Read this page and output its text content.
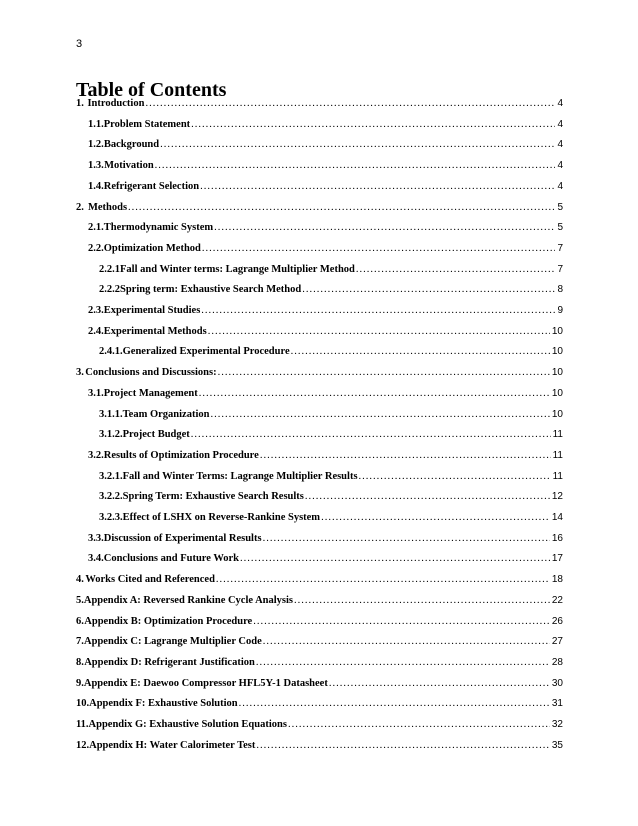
3
Table of Contents
1. Introduction .....	4
1.1. Problem Statement .....	4
1.2. Background .....	4
1.3. Motivation .....	4
1.4. Refrigerant Selection .....	4
2. Methods .....	5
2.1. Thermodynamic System .....	5
2.2. Optimization Method .....	7
2.2.1 Fall and Winter terms: Lagrange Multiplier Method .....	7
2.2.2 Spring term: Exhaustive Search Method .....	8
2.3. Experimental Studies .....	9
2.4. Experimental Methods .....	10
2.4.1. Generalized Experimental Procedure .....	10
3. Conclusions and Discussions: .....	10
3.1. Project Management .....	10
3.1.1. Team Organization .....	10
3.1.2. Project Budget .....	11
3.2. Results of Optimization Procedure .....	11
3.2.1. Fall and Winter Terms: Lagrange Multiplier Results .....	11
3.2.2. Spring Term: Exhaustive Search Results .....	12
3.2.3. Effect of LSHX on Reverse-Rankine System .....	14
3.3. Discussion of Experimental Results .....	16
3.4. Conclusions and Future Work .....	17
4. Works Cited and Referenced .....	18
5. Appendix A: Reversed Rankine Cycle Analysis .....	22
6. Appendix B: Optimization Procedure .....	26
7. Appendix C: Lagrange Multiplier Code .....	27
8. Appendix D: Refrigerant Justification .....	28
9. Appendix E: Daewoo Compressor HFL5Y-1 Datasheet .....	30
10. Appendix F: Exhaustive Solution .....	31
11. Appendix G: Exhaustive Solution Equations .....	32
12. Appendix H: Water Calorimeter Test .....	35
